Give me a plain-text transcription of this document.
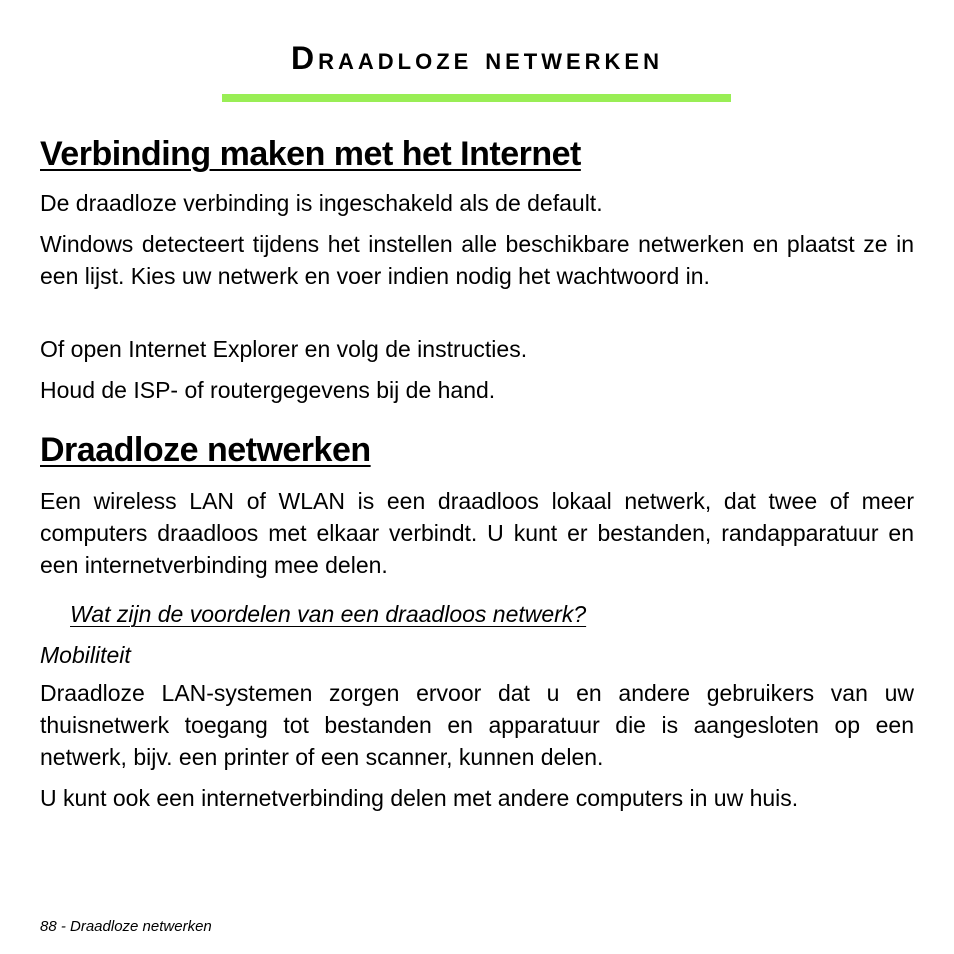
Draadloze netwerken
Verbinding maken met het Internet

De draadloze verbinding is ingeschakeld als de default.

Windows detecteert tijdens het instellen alle beschikbare netwerken en plaatst ze in een lijst. Kies uw netwerk en voer indien nodig het wachtwoord in.

Of open Internet Explorer en volg de instructies.

Houd de ISP- of routergegevens bij de hand.

Draadloze netwerken

Een wireless LAN of WLAN is een draadloos lokaal netwerk, dat twee of meer computers draadloos met elkaar verbindt. U kunt er bestanden, randapparatuur en een internetverbinding mee delen.

Wat zijn de voordelen van een draadloos netwerk?

Mobiliteit

Draadloze LAN-systemen zorgen ervoor dat u en andere gebruikers van uw thuisnetwerk toegang tot bestanden en apparatuur die is aangesloten op een netwerk, bijv. een printer of een scanner, kunnen delen.

U kunt ook een internetverbinding delen met andere computers in uw huis.

88 - Draadloze netwerken
